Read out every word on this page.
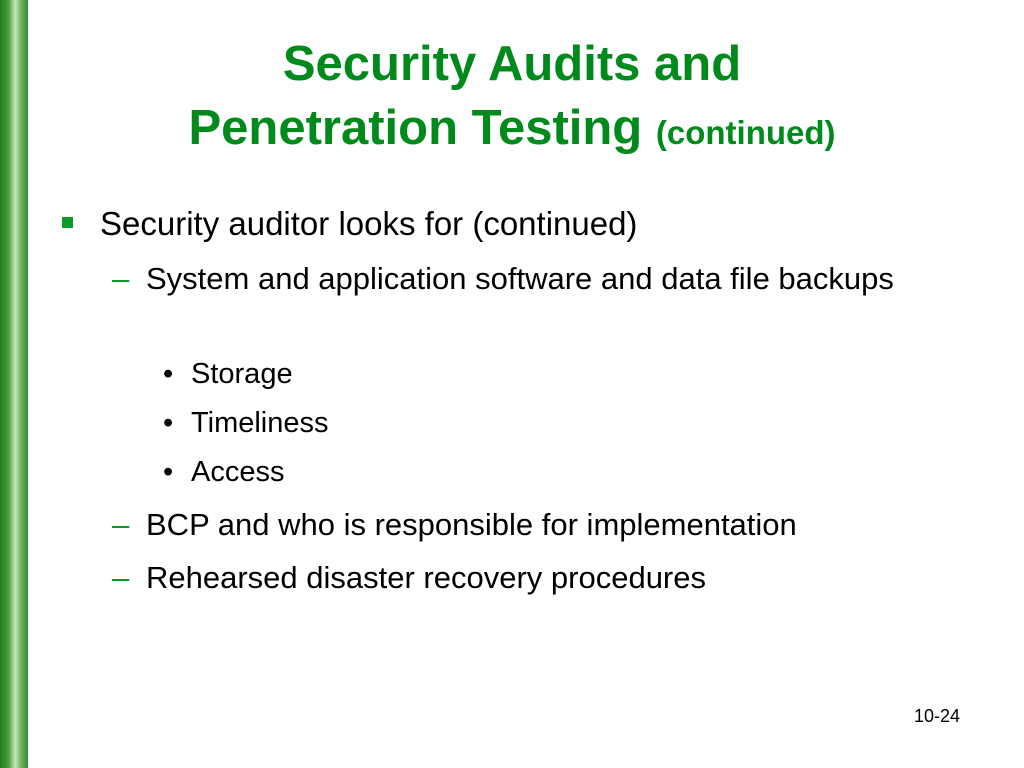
Security Audits and
Penetration Testing (continued)
Security auditor looks for (continued)
– System and application software and data file backups
• Storage
• Timeliness
• Access
– BCP and who is responsible for implementation
– Rehearsed disaster recovery procedures
10-24
